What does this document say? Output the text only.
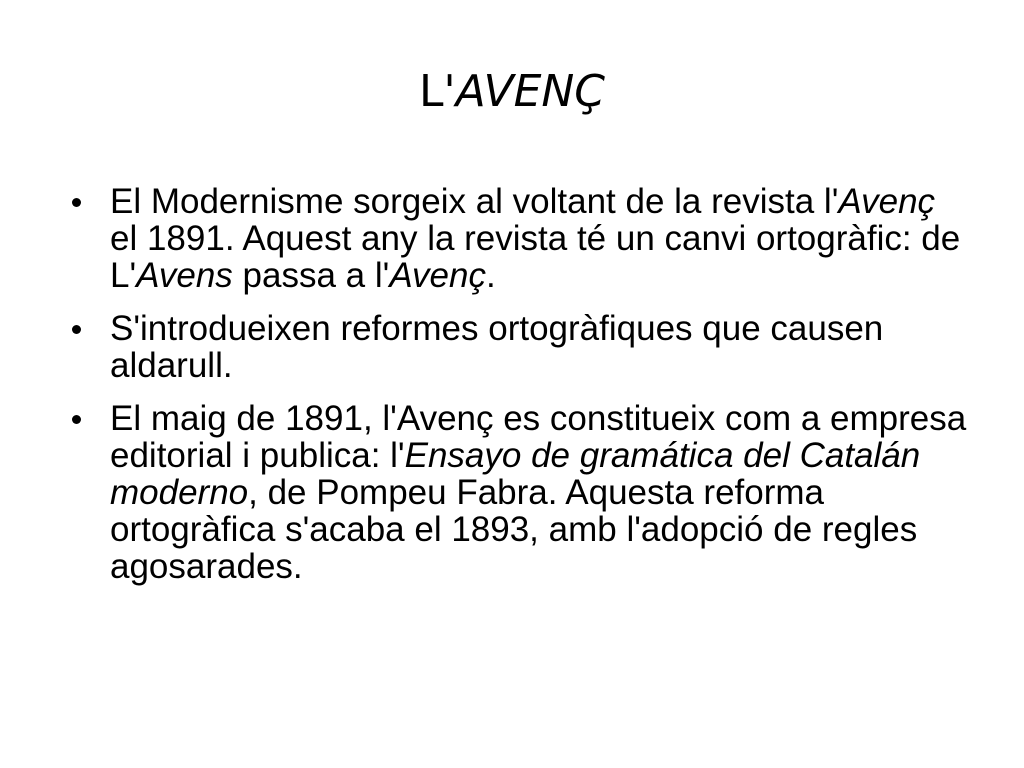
L'AVENÇ
El Modernisme sorgeix al voltant de la revista l'Avenç el 1891. Aquest any la revista té un canvi ortogràfic: de L'Avens passa a l'Avenç.
S'introdueixen reformes ortogràfiques que causen aldarull.
El maig de 1891, l'Avenç es constitueix com a empresa editorial i publica: l'Ensayo de gramática del Catalán moderno, de Pompeu Fabra. Aquesta reforma ortogràfica s'acaba el 1893, amb l'adopció de regles agosarades.
